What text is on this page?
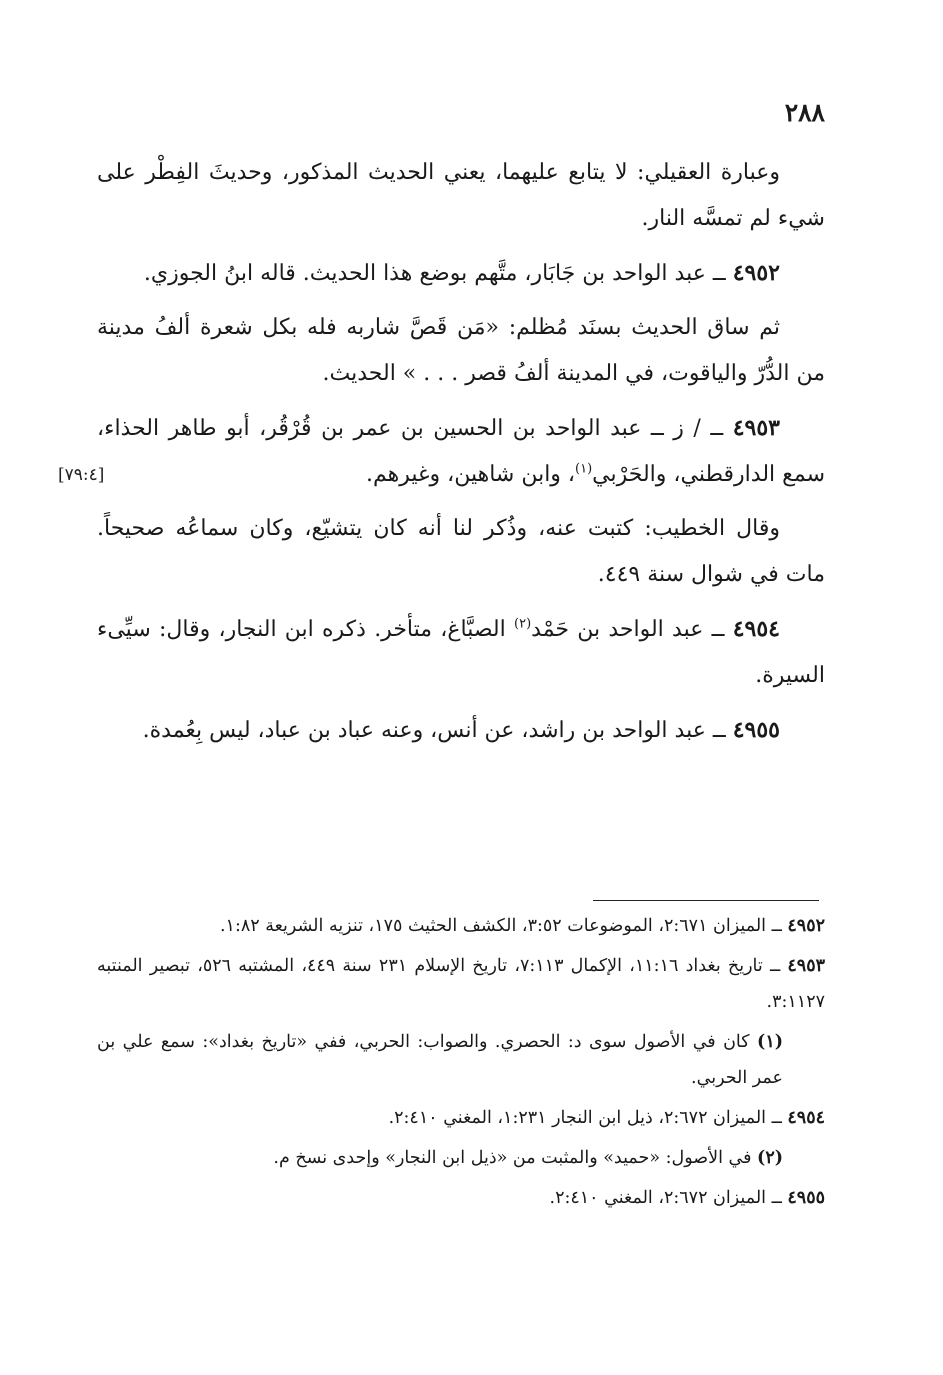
٢٨٨
[٧٩:٤]

وعبارة العقيلي: لا يتابع عليهما، يعني الحديث المذكور، وحديثَ الفِطْر على شيء لم تمسَّه النار.

٤٩٥٢ ــ عبد الواحد بن جَابَار، متَّهم بوضع هذا الحديث. قاله ابنُ الجوزي.

ثم ساق الحديث بسنَد مُظلم: «مَن قَصَّ شاربه فله بكل شعرة ألفُ مدينة من الدُّرّ والياقوت، في المدينة ألفُ قصر . . . » الحديث.

٤٩٥٣ ــ / ز ــ عبد الواحد بن الحسين بن عمر بن قُرْقُر، أبو طاهر الحذاء، سمع الدارقطني، والحَرْبي$^{(١)}$، وابن شاهين، وغيرهم.

وقال الخطيب: كتبت عنه، وذُكر لنا أنه كان يتشيّع، وكان سماعُه صحيحاً. مات في شوال سنة ٤٤٩.

٤٩٥٤ ــ عبد الواحد بن حَمْد$^{(٢)}$ الصبَّاغ، متأخر. ذكره ابن النجار، وقال: سيِّىء السيرة.

٤٩٥٥ ــ عبد الواحد بن راشد، عن أنس، وعنه عباد بن عباد، ليس بِعُمدة.

٤٩٥٢ ــ الميزان ٢:٦٧١، الموضوعات ٣:٥٢، الكشف الحثيث ١٧٥، تنزيه الشريعة ١:٨٢.

٤٩٥٣ ــ تاريخ بغداد ١١:١٦، الإكمال ٧:١١٣، تاريخ الإسلام ٢٣١ سنة ٤٤٩، المشتبه ٥٢٦، تبصير المنتبه ٣:١١٢٧.

(١) كان في الأصول سوى د: الحصري. والصواب: الحربي، ففي «تاريخ بغداد»: سمع علي بن عمر الحربي.

٤٩٥٤ ــ الميزان ٢:٦٧٢، ذيل ابن النجار ١:٢٣١، المغني ٢:٤١٠.

(٢) في الأصول: «حميد» والمثبت من «ذيل ابن النجار» وإحدى نسخ م.

٤٩٥٥ ــ الميزان ٢:٦٧٢، المغني ٢:٤١٠.
